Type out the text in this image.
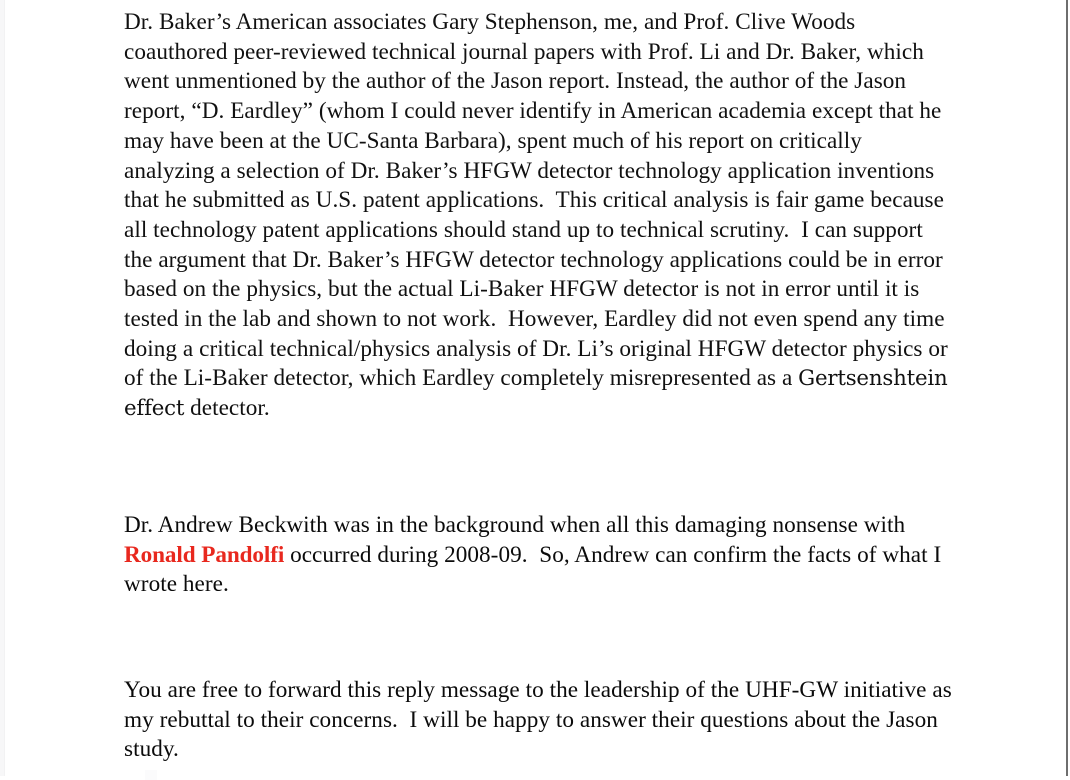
Dr. Baker’s American associates Gary Stephenson, me, and Prof. Clive Woods coauthored peer-reviewed technical journal papers with Prof. Li and Dr. Baker, which went unmentioned by the author of the Jason report. Instead, the author of the Jason report, “D. Eardley” (whom I could never identify in American academia except that he may have been at the UC-Santa Barbara), spent much of his report on critically analyzing a selection of Dr. Baker’s HFGW detector technology application inventions that he submitted as U.S. patent applications.  This critical analysis is fair game because all technology patent applications should stand up to technical scrutiny.  I can support the argument that Dr. Baker’s HFGW detector technology applications could be in error based on the physics, but the actual Li-Baker HFGW detector is not in error until it is tested in the lab and shown to not work.  However, Eardley did not even spend any time doing a critical technical/physics analysis of Dr. Li’s original HFGW detector physics or of the Li-Baker detector, which Eardley completely misrepresented as a Gertsenshtein effect detector.

Dr. Andrew Beckwith was in the background when all this damaging nonsense with Ronald Pandolfi occurred during 2008-09.  So, Andrew can confirm the facts of what I wrote here.

You are free to forward this reply message to the leadership of the UHF-GW initiative as my rebuttal to their concerns.  I will be happy to answer their questions about the Jason study.
